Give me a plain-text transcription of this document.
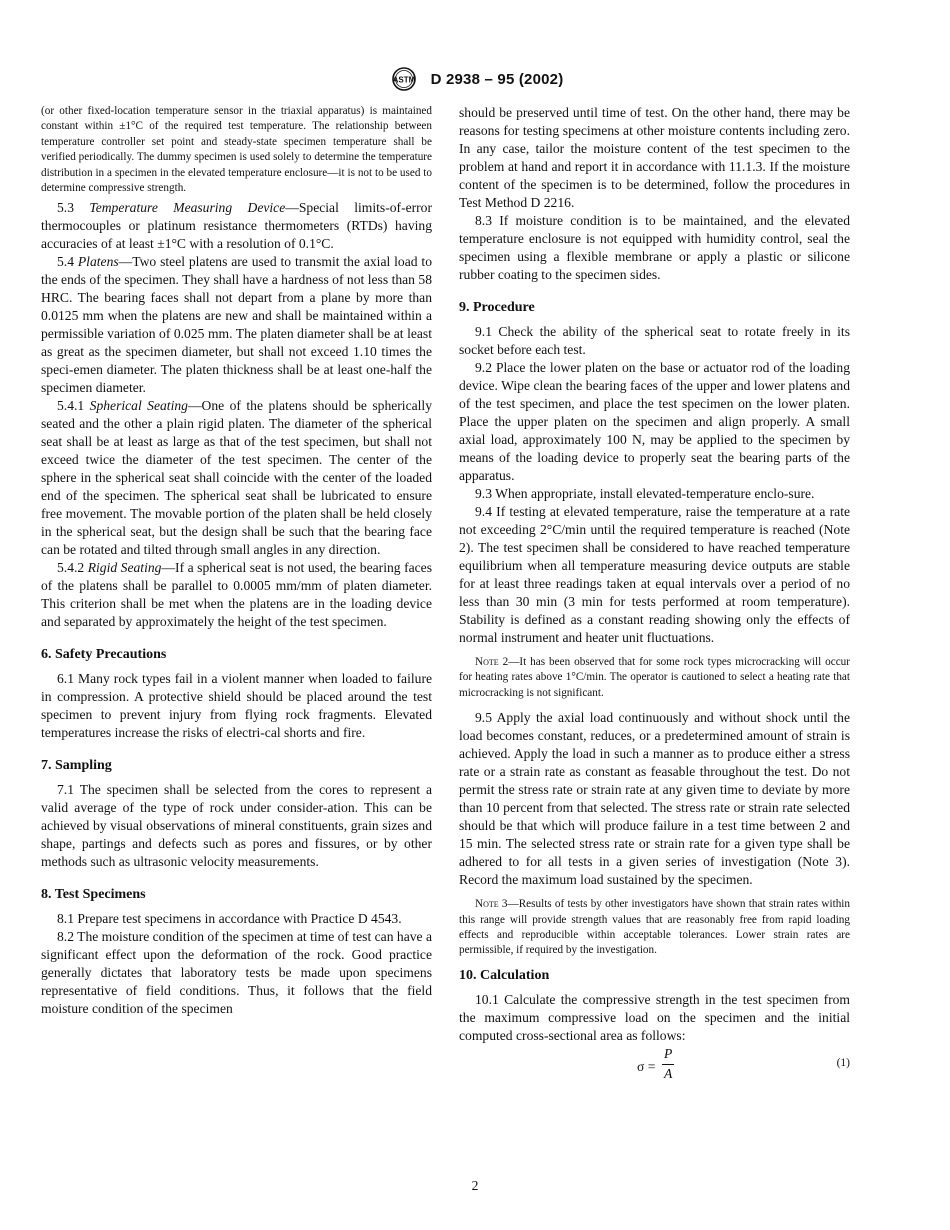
ASTM D 2938 – 95 (2002)

(or other fixed-location temperature sensor in the triaxial apparatus) is maintained constant within ±1°C of the required test temperature. The relationship between temperature controller set point and steady-state specimen temperature shall be verified periodically. The dummy specimen is used solely to determine the temperature distribution in a specimen in the elevated temperature enclosure—it is not to be used to determine compressive strength.

5.3 Temperature Measuring Device—Special limits-of-error thermocouples or platinum resistance thermometers (RTDs) having accuracies of at least ±1°C with a resolution of 0.1°C.

5.4 Platens—Two steel platens are used to transmit the axial load to the ends of the specimen. They shall have a hardness of not less than 58 HRC. The bearing faces shall not depart from a plane by more than 0.0125 mm when the platens are new and shall be maintained within a permissible variation of 0.025 mm. The platen diameter shall be at least as great as the specimen diameter, but shall not exceed 1.10 times the speci-emen diameter. The platen thickness shall be at least one-half the specimen diameter.

5.4.1 Spherical Seating—One of the platens should be spherically seated and the other a plain rigid platen. The diameter of the spherical seat shall be at least as large as that of the test specimen, but shall not exceed twice the diameter of the test specimen. The center of the sphere in the spherical seat shall coincide with the center of the loaded end of the specimen. The spherical seat shall be lubricated to ensure free movement. The movable portion of the platen shall be held closely in the spherical seat, but the design shall be such that the bearing face can be rotated and tilted through small angles in any direction.

5.4.2 Rigid Seating—If a spherical seat is not used, the bearing faces of the platens shall be parallel to 0.0005 mm/mm of platen diameter. This criterion shall be met when the platens are in the loading device and separated by approximately the height of the test specimen.

6. Safety Precautions

6.1 Many rock types fail in a violent manner when loaded to failure in compression. A protective shield should be placed around the test specimen to prevent injury from flying rock fragments. Elevated temperatures increase the risks of electri-cal shorts and fire.

7. Sampling

7.1 The specimen shall be selected from the cores to represent a valid average of the type of rock under consider-ation. This can be achieved by visual observations of mineral constituents, grain sizes and shape, partings and defects such as pores and fissures, or by other methods such as ultrasonic velocity measurements.

8. Test Specimens

8.1 Prepare test specimens in accordance with Practice D 4543.

8.2 The moisture condition of the specimen at time of test can have a significant effect upon the deformation of the rock. Good practice generally dictates that laboratory tests be made upon specimens representative of field conditions. Thus, it follows that the field moisture condition of the specimen

should be preserved until time of test. On the other hand, there may be reasons for testing specimens at other moisture contents including zero. In any case, tailor the moisture content of the test specimen to the problem at hand and report it in accordance with 11.1.3. If the moisture content of the specimen is to be determined, follow the procedures in Test Method D 2216.

8.3 If moisture condition is to be maintained, and the elevated temperature enclosure is not equipped with humidity control, seal the specimen using a flexible membrane or apply a plastic or silicone rubber coating to the specimen sides.

9. Procedure

9.1 Check the ability of the spherical seat to rotate freely in its socket before each test.

9.2 Place the lower platen on the base or actuator rod of the loading device. Wipe clean the bearing faces of the upper and lower platens and of the test specimen, and place the test specimen on the lower platen. Place the upper platen on the specimen and align properly. A small axial load, approximately 100 N, may be applied to the specimen by means of the loading device to properly seat the bearing parts of the apparatus.

9.3 When appropriate, install elevated-temperature enclo-sure.

9.4 If testing at elevated temperature, raise the temperature at a rate not exceeding 2°C/min until the required temperature is reached (Note 2). The test specimen shall be considered to have reached temperature equilibrium when all temperature measuring device outputs are stable for at least three readings taken at equal intervals over a period of no less than 30 min (3 min for tests performed at room temperature). Stability is defined as a constant reading showing only the effects of normal instrument and heater unit fluctuations.

Note 2—It has been observed that for some rock types microcracking will occur for heating rates above 1°C/min. The operator is cautioned to select a heating rate that microcracking is not significant.

9.5 Apply the axial load continuously and without shock until the load becomes constant, reduces, or a predetermined amount of strain is achieved. Apply the load in such a manner as to produce either a stress rate or a strain rate as constant as feasable throughout the test. Do not permit the stress rate or strain rate at any given time to deviate by more than 10 percent from that selected. The stress rate or strain rate selected should be that which will produce failure in a test time between 2 and 15 min. The selected stress rate or strain rate for a given type shall be adhered to for all tests in a given series of investigation (Note 3). Record the maximum load sustained by the specimen.

Note 3—Results of tests by other investigators have shown that strain rates within this range will provide strength values that are reasonably free from rapid loading effects and reproducible within acceptable tolerances. Lower strain rates are permissible, if required by the investigation.

10. Calculation

10.1 Calculate the compressive strength in the test specimen from the maximum compressive load on the specimen and the initial computed cross-sectional area as follows:

σ =
P
A
(1)
2
